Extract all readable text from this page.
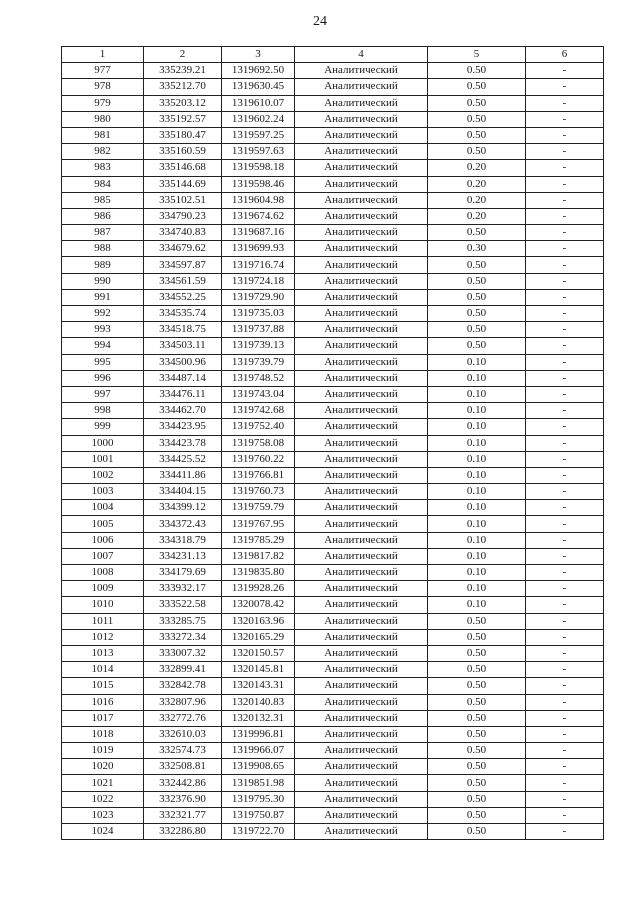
24
1	2	3	4	5	6
977	335239.21	1319692.50	Аналитический	0.50	-
978	335212.70	1319630.45	Аналитический	0.50	-
979	335203.12	1319610.07	Аналитический	0.50	-
980	335192.57	1319602.24	Аналитический	0.50	-
981	335180.47	1319597.25	Аналитический	0.50	-
982	335160.59	1319597.63	Аналитический	0.50	-
983	335146.68	1319598.18	Аналитический	0.20	-
984	335144.69	1319598.46	Аналитический	0.20	-
985	335102.51	1319604.98	Аналитический	0.20	-
986	334790.23	1319674.62	Аналитический	0.20	-
987	334740.83	1319687.16	Аналитический	0.50	-
988	334679.62	1319699.93	Аналитический	0.30	-
989	334597.87	1319716.74	Аналитический	0.50	-
990	334561.59	1319724.18	Аналитический	0.50	-
991	334552.25	1319729.90	Аналитический	0.50	-
992	334535.74	1319735.03	Аналитический	0.50	-
993	334518.75	1319737.88	Аналитический	0.50	-
994	334503.11	1319739.13	Аналитический	0.50	-
995	334500.96	1319739.79	Аналитический	0.10	-
996	334487.14	1319748.52	Аналитический	0.10	-
997	334476.11	1319743.04	Аналитический	0.10	-
998	334462.70	1319742.68	Аналитический	0.10	-
999	334423.95	1319752.40	Аналитический	0.10	-
1000	334423.78	1319758.08	Аналитический	0.10	-
1001	334425.52	1319760.22	Аналитический	0.10	-
1002	334411.86	1319766.81	Аналитический	0.10	-
1003	334404.15	1319760.73	Аналитический	0.10	-
1004	334399.12	1319759.79	Аналитический	0.10	-
1005	334372.43	1319767.95	Аналитический	0.10	-
1006	334318.79	1319785.29	Аналитический	0.10	-
1007	334231.13	1319817.82	Аналитический	0.10	-
1008	334179.69	1319835.80	Аналитический	0.10	-
1009	333932.17	1319928.26	Аналитический	0.10	-
1010	333522.58	1320078.42	Аналитический	0.10	-
1011	333285.75	1320163.96	Аналитический	0.50	-
1012	333272.34	1320165.29	Аналитический	0.50	-
1013	333007.32	1320150.57	Аналитический	0.50	-
1014	332899.41	1320145.81	Аналитический	0.50	-
1015	332842.78	1320143.31	Аналитический	0.50	-
1016	332807.96	1320140.83	Аналитический	0.50	-
1017	332772.76	1320132.31	Аналитический	0.50	-
1018	332610.03	1319996.81	Аналитический	0.50	-
1019	332574.73	1319966.07	Аналитический	0.50	-
1020	332508.81	1319908.65	Аналитический	0.50	-
1021	332442.86	1319851.98	Аналитический	0.50	-
1022	332376.90	1319795.30	Аналитический	0.50	-
1023	332321.77	1319750.87	Аналитический	0.50	-
1024	332286.80	1319722.70	Аналитический	0.50	-
